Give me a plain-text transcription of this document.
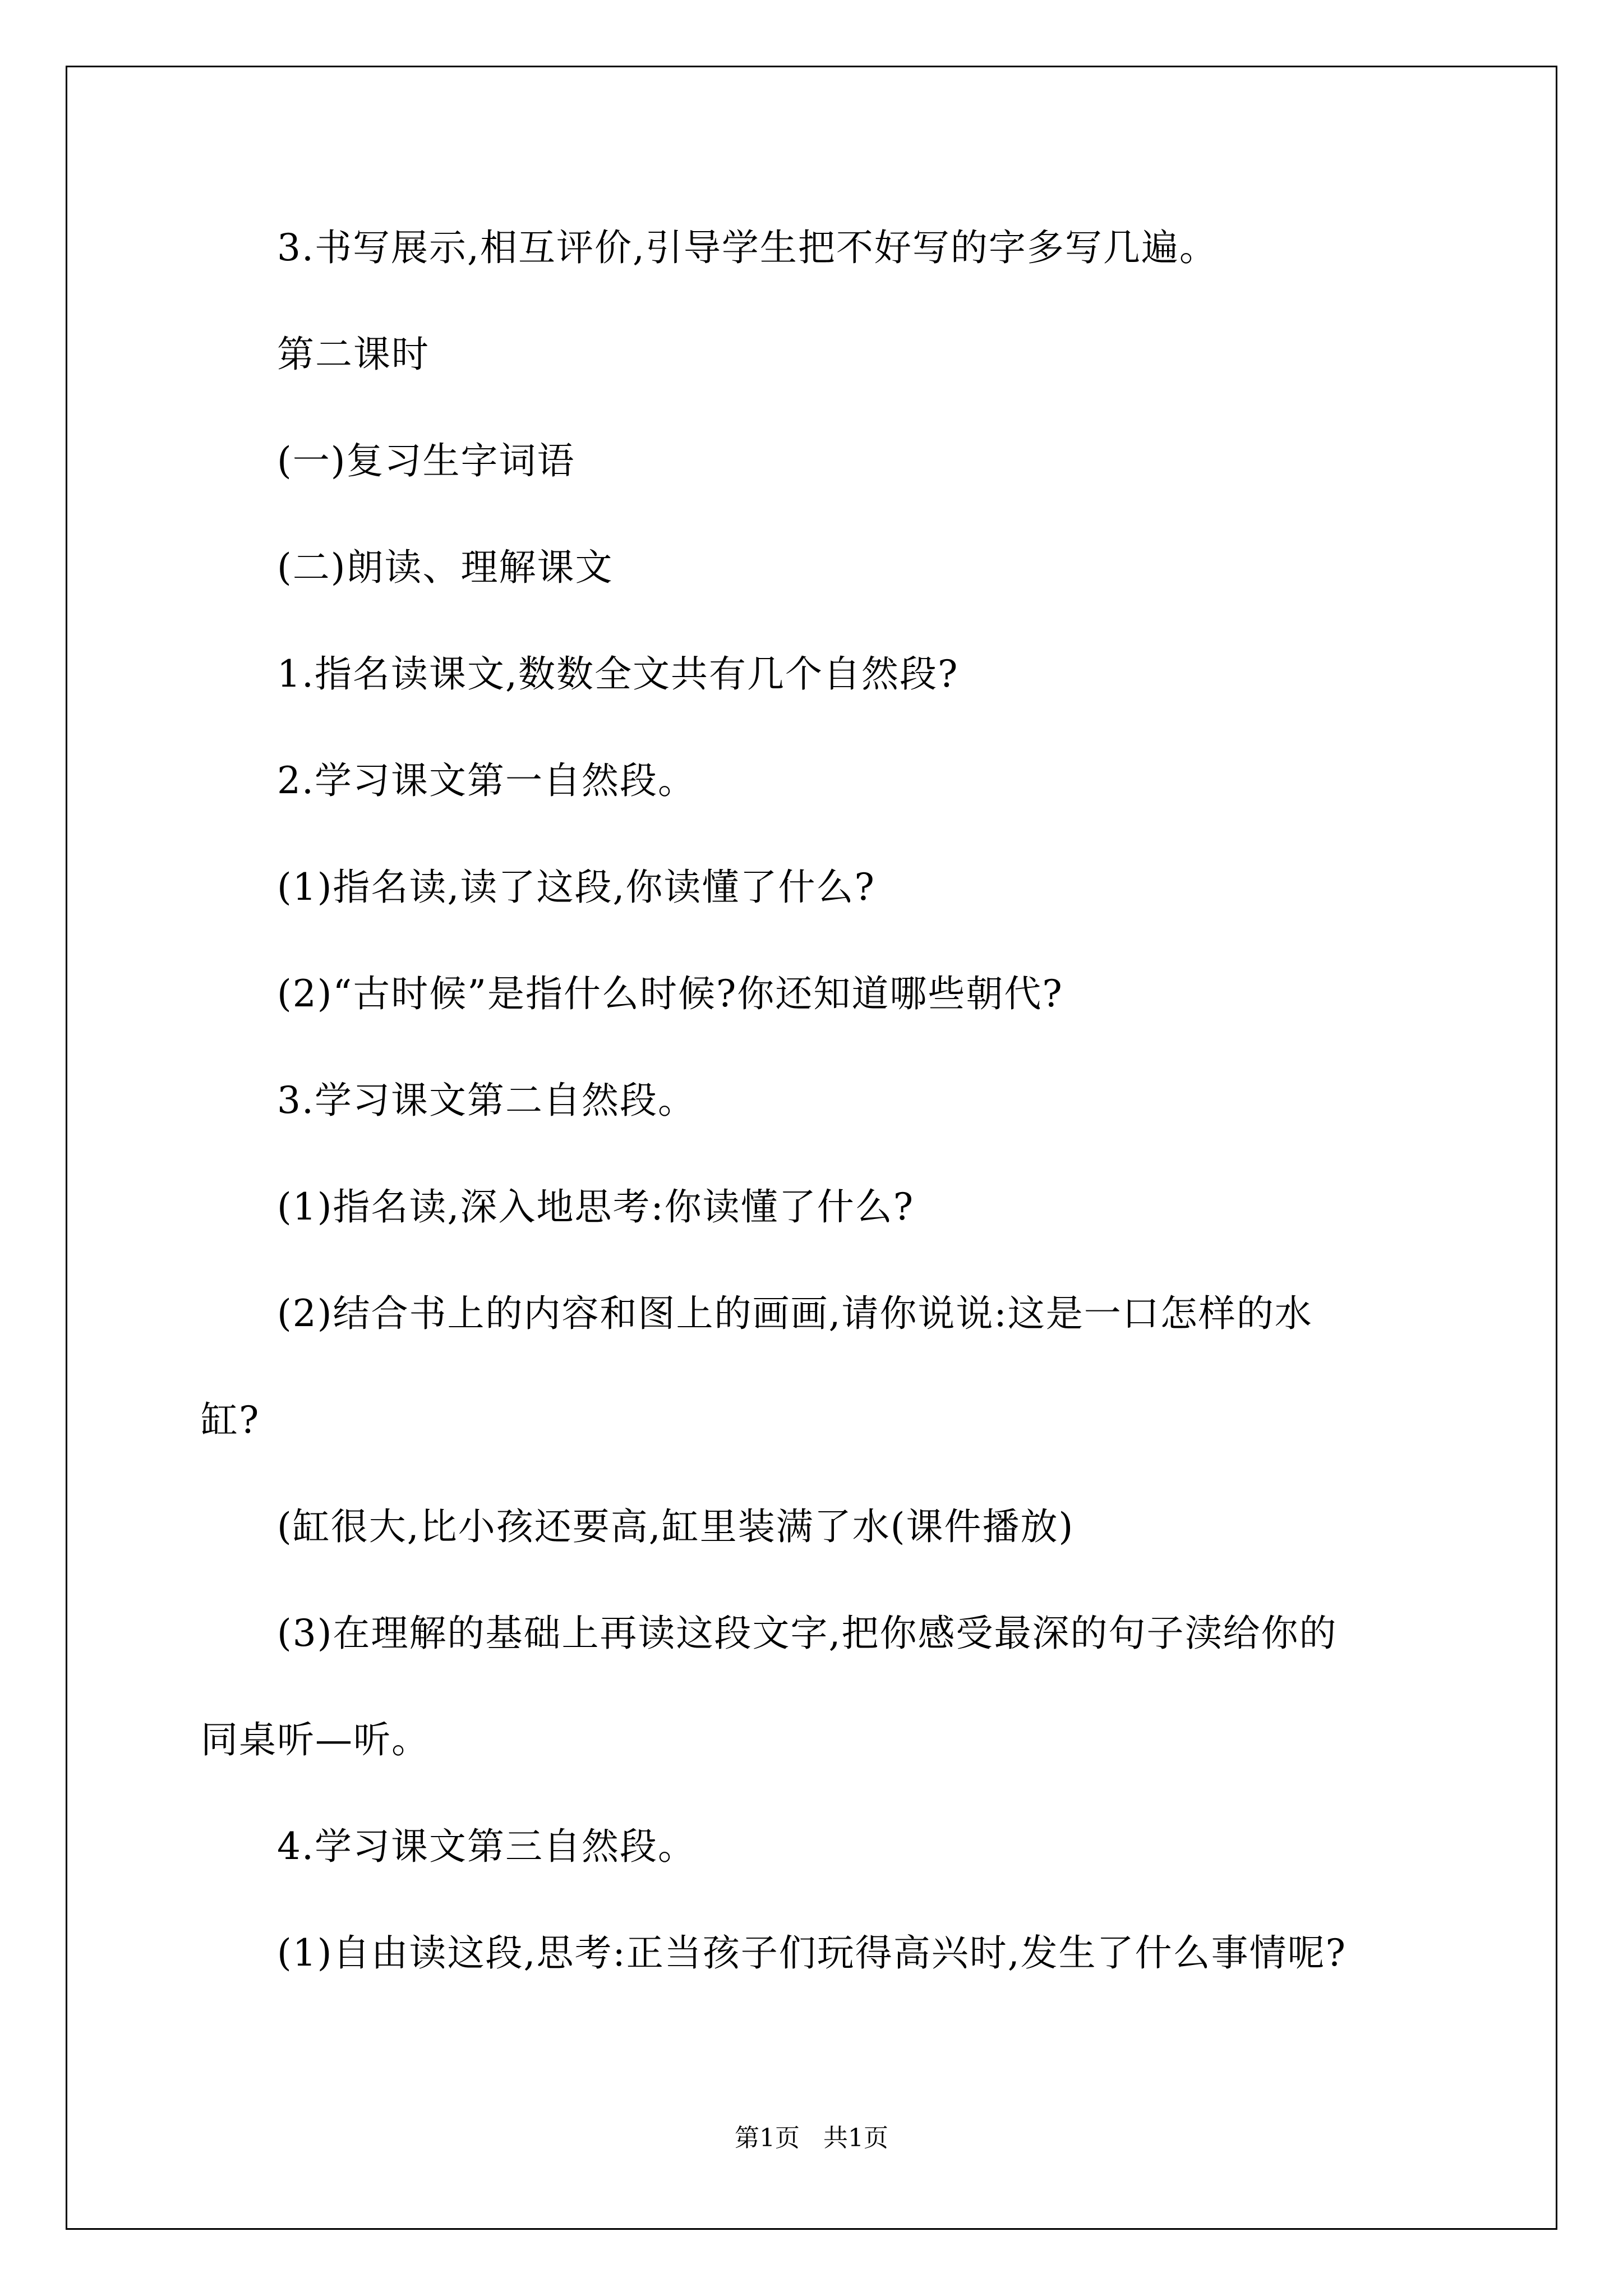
3.书写展示,相互评价,引导学生把不好写的字多写几遍。
第二课时
(一)复习生字词语
(二)朗读、理解课文
1.指名读课文,数数全文共有几个自然段?
2.学习课文第一自然段。
(1)指名读,读了这段,你读懂了什么?
(2)“古时候”是指什么时候?你还知道哪些朝代?
3.学习课文第二自然段。
(1)指名读,深入地思考:你读懂了什么?
(2)结合书上的内容和图上的画画,请你说说:这是一口怎样的水
缸?
(缸很大,比小孩还要高,缸里装满了水(课件播放)
(3)在理解的基础上再读这段文字,把你感受最深的句子渎给你的
同桌听—听。
4.学习课文第三自然段。
(1)自由读这段,思考:正当孩子们玩得高兴时,发生了什么事情呢?
第1页   共1页
